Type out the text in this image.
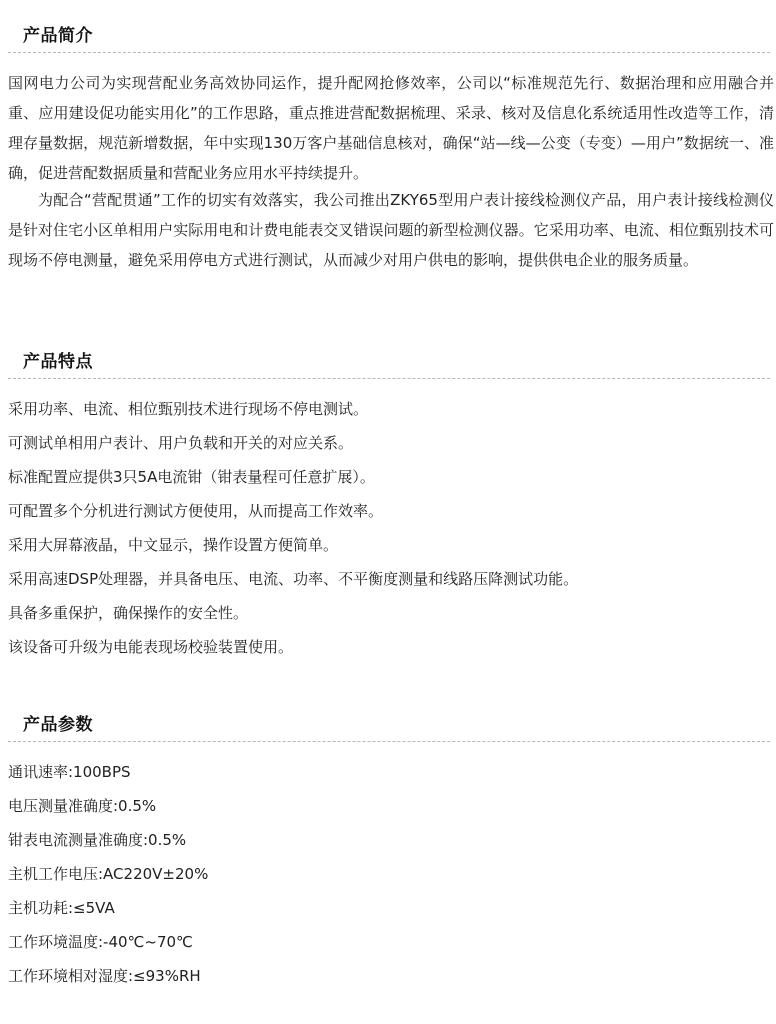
产品简介

国网电力公司为实现营配业务高效协同运作，提升配网抢修效率，公司以“标准规范先行、数据治理和应用融合并重、应用建设促功能实用化”的工作思路，重点推进营配数据梳理、采录、核对及信息化系统适用性改造等工作，清理存量数据，规范新增数据，年中实现130万客户基础信息核对，确保“站—线—公变（专变）—用户”数据统一、准确，促进营配数据质量和营配业务应用水平持续提升。

为配合“营配贯通”工作的切实有效落实，我公司推出ZKY65型用户表计接线检测仪产品，用户表计接线检测仪是针对住宅小区单相用户实际用电和计费电能表交叉错误问题的新型检测仪器。它采用功率、电流、相位甄别技术可现场不停电测量，避免采用停电方式进行测试，从而减少对用户供电的影响，提供供电企业的服务质量。

产品特点
采用功率、电流、相位甄别技术进行现场不停电测试。
可测试单相用户表计、用户负载和开关的对应关系。
标准配置应提供3只5A电流钳（钳表量程可任意扩展）。
可配置多个分机进行测试方便使用，从而提高工作效率。
采用大屏幕液晶，中文显示，操作设置方便简单。
采用高速DSP处理器，并具备电压、电流、功率、不平衡度测量和线路压降测试功能。
具备多重保护，确保操作的安全性。
该设备可升级为电能表现场校验装置使用。
产品参数
通讯速率:100BPS
电压测量准确度:0.5%
钳表电流测量准确度:0.5%
主机工作电压:AC220V±20%
主机功耗:≤5VA
工作环境温度:-40℃~70℃
工作环境相对湿度:≤93%RH
